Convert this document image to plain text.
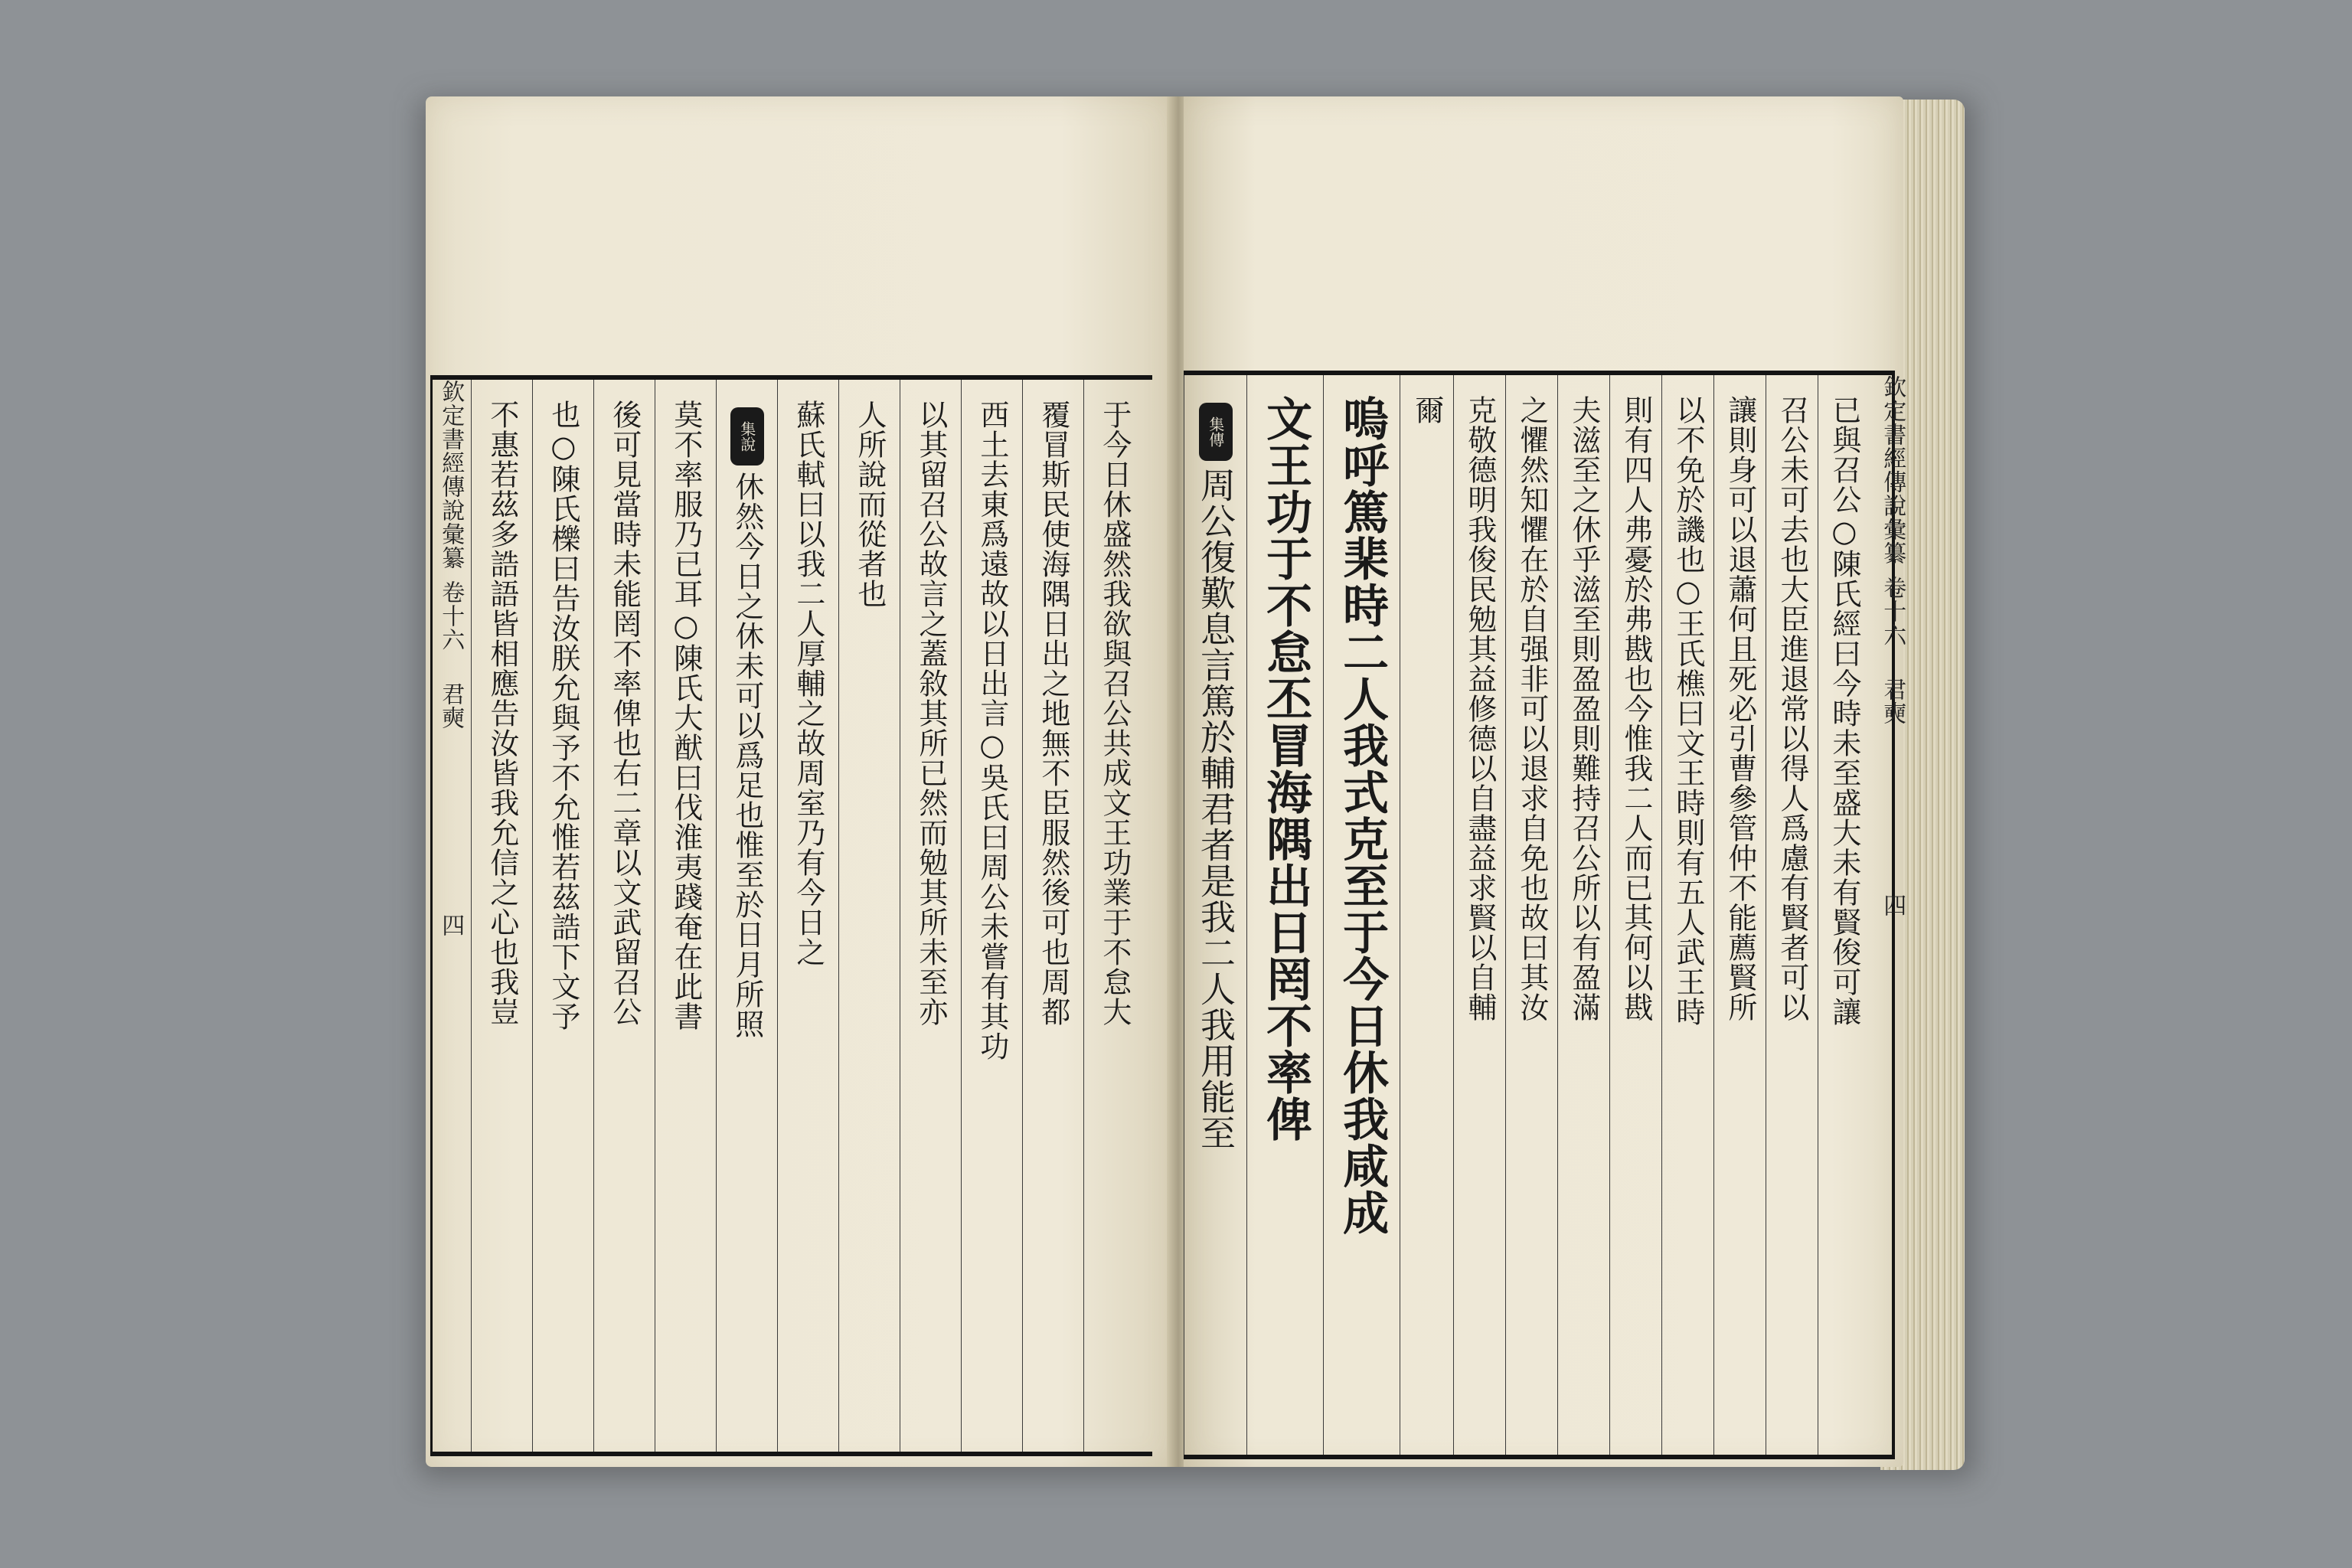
欽定書經傳說彙纂
卷十六
君奭
四 不惠若茲多誥語皆相應告汝皆我允信之心也我豈 也○陳氏櫟曰告汝朕允與予不允惟若茲誥下文予 後可見當時未能罔不率俾也右二章以文武留召公 莫不率服乃已耳○陳氏大猷曰伐淮夷踐奄在此書	集說
休然今日之休未可以爲足也惟至於日月所照 蘇氏軾曰以我二人厚輔之故周室乃有今日之 人所說而從者也 以其留召公故言之蓋敘其所已然而勉其所未至亦 西土去東爲遠故以日出言○吳氏曰周公未嘗有其功 覆冒斯民使海隅日出之地無不臣服然後可也周都 于今日休盛然我欲與召公共成文王功業于不怠大	欽定書經傳說彙纂
卷十六
君奭
四
集傳
周公復歎息言篤於輔君者是我二人我用能至 文王功于不怠丕冒海隅出日罔不率俾 嗚呼篤棐時二人我式克至于今日休我咸成 爾 克敬德明我俊民勉其益修德以自盡益求賢以自輔 之懼然知懼在於自强非可以退求自免也故曰其汝 夫滋至之休乎滋至則盈盈則難持召公所以有盈滿 則有四人弗憂於弗戡也今惟我二人而已其何以戡 以不免於譏也○王氏樵曰文王時則有五人武王時 讓則身可以退蕭何且死必引曹參管仲不能薦賢所 召公未可去也大臣進退常以得人爲慮有賢者可以 已與召公○陳氏經曰今時未至盛大未有賢俊可讓
